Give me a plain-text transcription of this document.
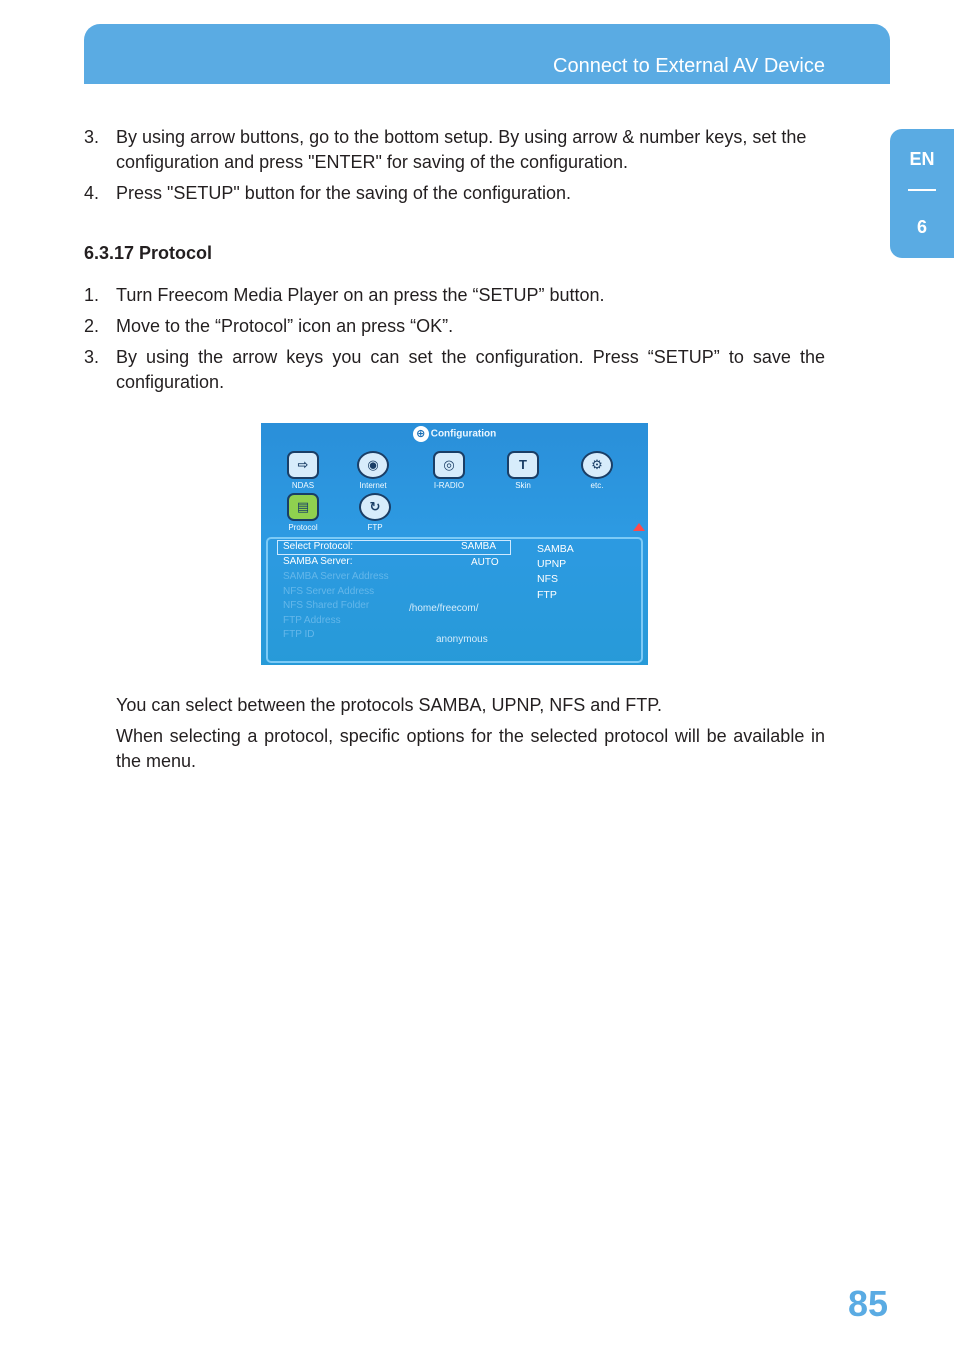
Connect to External AV Device
EN
6
3. By using arrow buttons, go to the bottom setup. By using arrow & number keys, set the configuration and press "ENTER" for saving of the configuration.
4. Press "SETUP" button for the saving of the configuration.
6.3.17 Protocol
1. Turn Freecom Media Player on an press the “SETUP” button.
2. Move to the “Protocol” icon an press “OK”.
3. By using the arrow keys you can set the configuration. Press “SETUP” to save the configuration.
⊕ Configuration
⇨
NDAS
◉
Internet
◎
I-RADIO
T
Skin
⚙
etc.
▤
Protocol
↻
FTP
Select Protocol:	SAMBA
SAMBA Server:	AUTO
SAMBA Server Address
NFS Server Address
NFS Shared Folder	/home/freecom/
FTP Address
FTP ID	anonymous
SAMBA
UPNP
NFS
FTP
You can select between the protocols SAMBA, UPNP, NFS and FTP.
When selecting a protocol, specific options for the selected protocol will be available in the menu.
85
